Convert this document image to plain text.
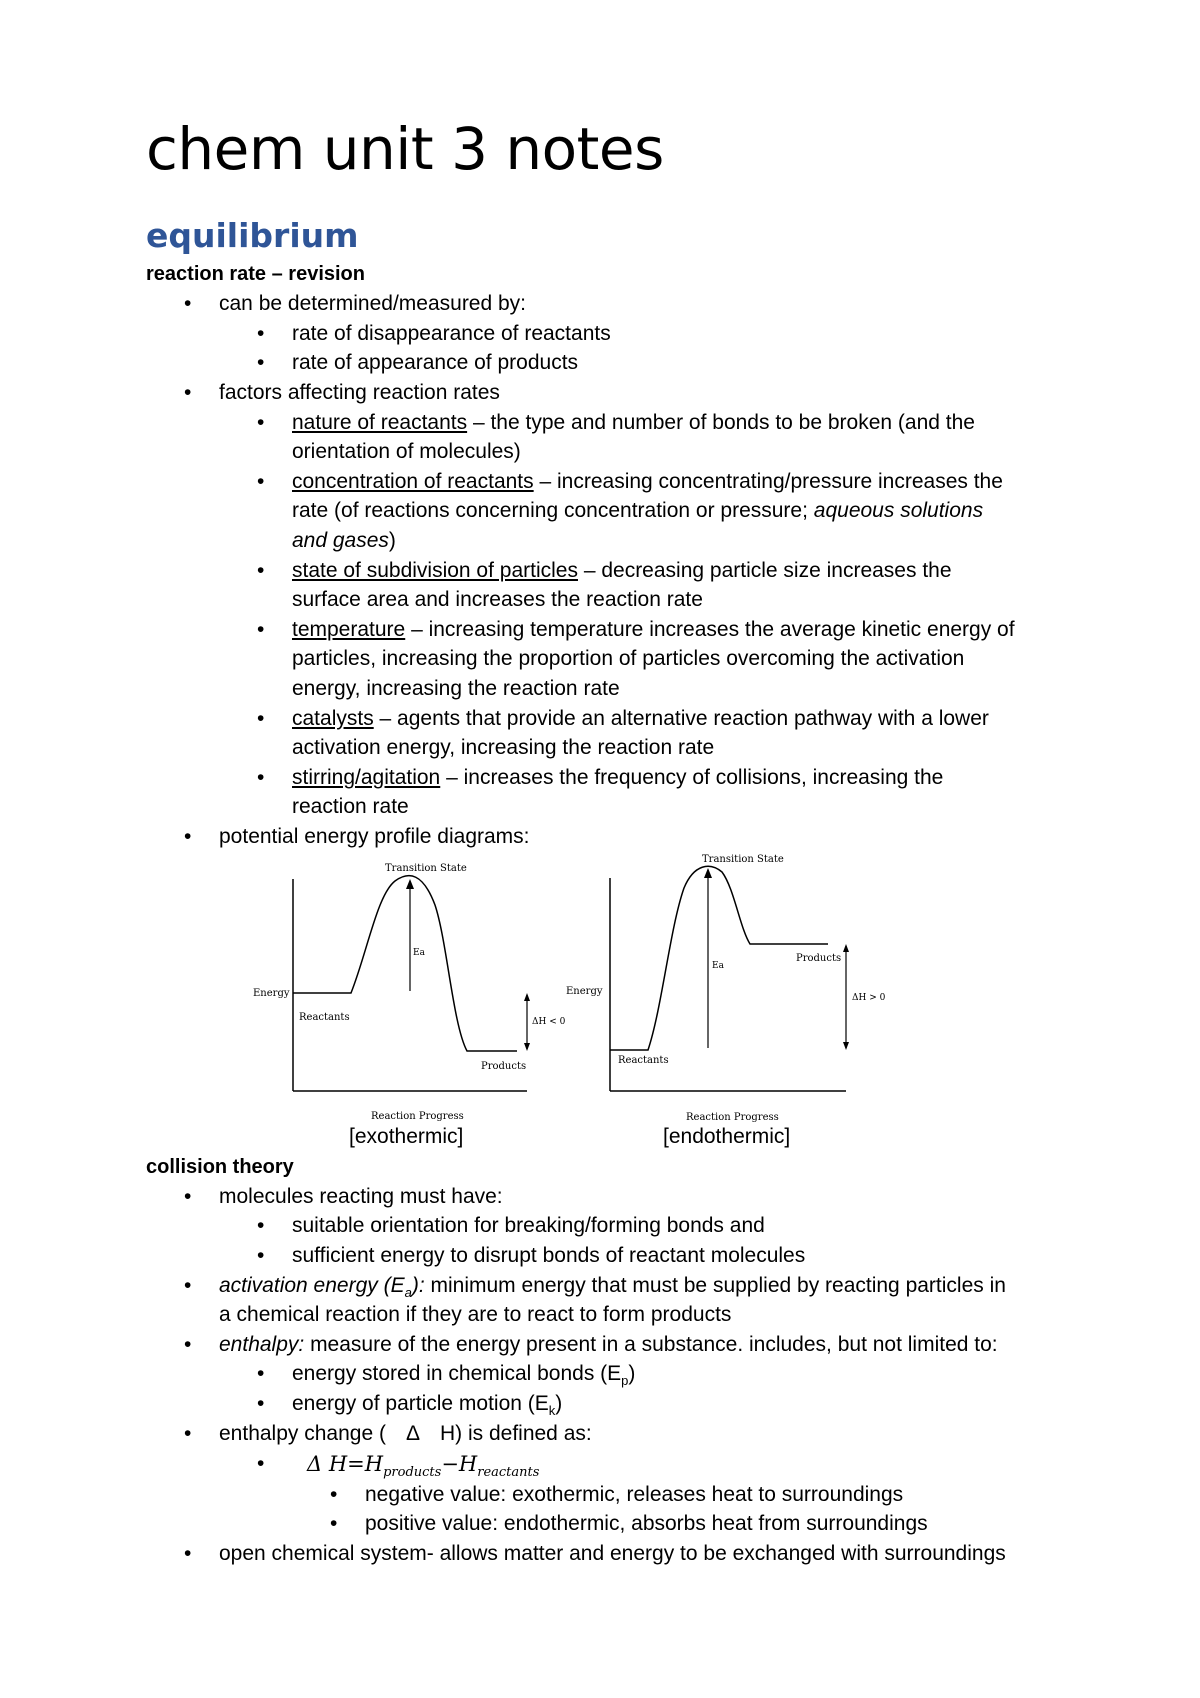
chem unit 3 notes
equilibrium

reaction rate – revision

• can be determined/measured by:
• rate of disappearance of reactants
• rate of appearance of products
• factors affecting reaction rates
• nature of reactants – the type and number of bonds to be broken (and the
orientation of molecules)
• concentration of reactants – increasing concentrating/pressure increases the
rate (of reactions concerning concentration or pressure; aqueous solutions
and gases)
• state of subdivision of particles – decreasing particle size increases the
surface area and increases the reaction rate
• temperature – increasing temperature increases the average kinetic energy of
particles, increasing the proportion of particles overcoming the activation
energy, increasing the reaction rate
• catalysts – agents that provide an alternative reaction pathway with a lower
activation energy, increasing the reaction rate
• stirring/agitation – increases the frequency of collisions, increasing the
reaction rate
• potential energy profile diagrams:
Transition State
Energy
Reactants
Products
Ea
ΔH < 0
Reaction Progress
[exothermic]
Transition State
Energy
Reactants
Products
Ea
ΔH > 0
Reaction Progress
[endothermic]

collision theory

• molecules reacting must have:
• suitable orientation for breaking/forming bonds and
• sufficient energy to disrupt bonds of reactant molecules
• activation energy $(E_a)$: minimum energy that must be supplied by reacting particles in
a chemical reaction if they are to react to form products
• enthalpy: measure of the energy present in a substance. includes, but not limited to:
• energy stored in chemical bonds $(E_p)$
• energy of particle motion $(E_k)$
• enthalpy change ( Δ H) is defined as:
• Δ $H=H_{products}-H_{reactants}$
• negative value: exothermic, releases heat to surroundings
• positive value: endothermic, absorbs heat from surroundings
• open chemical system- allows matter and energy to be exchanged with surroundings
